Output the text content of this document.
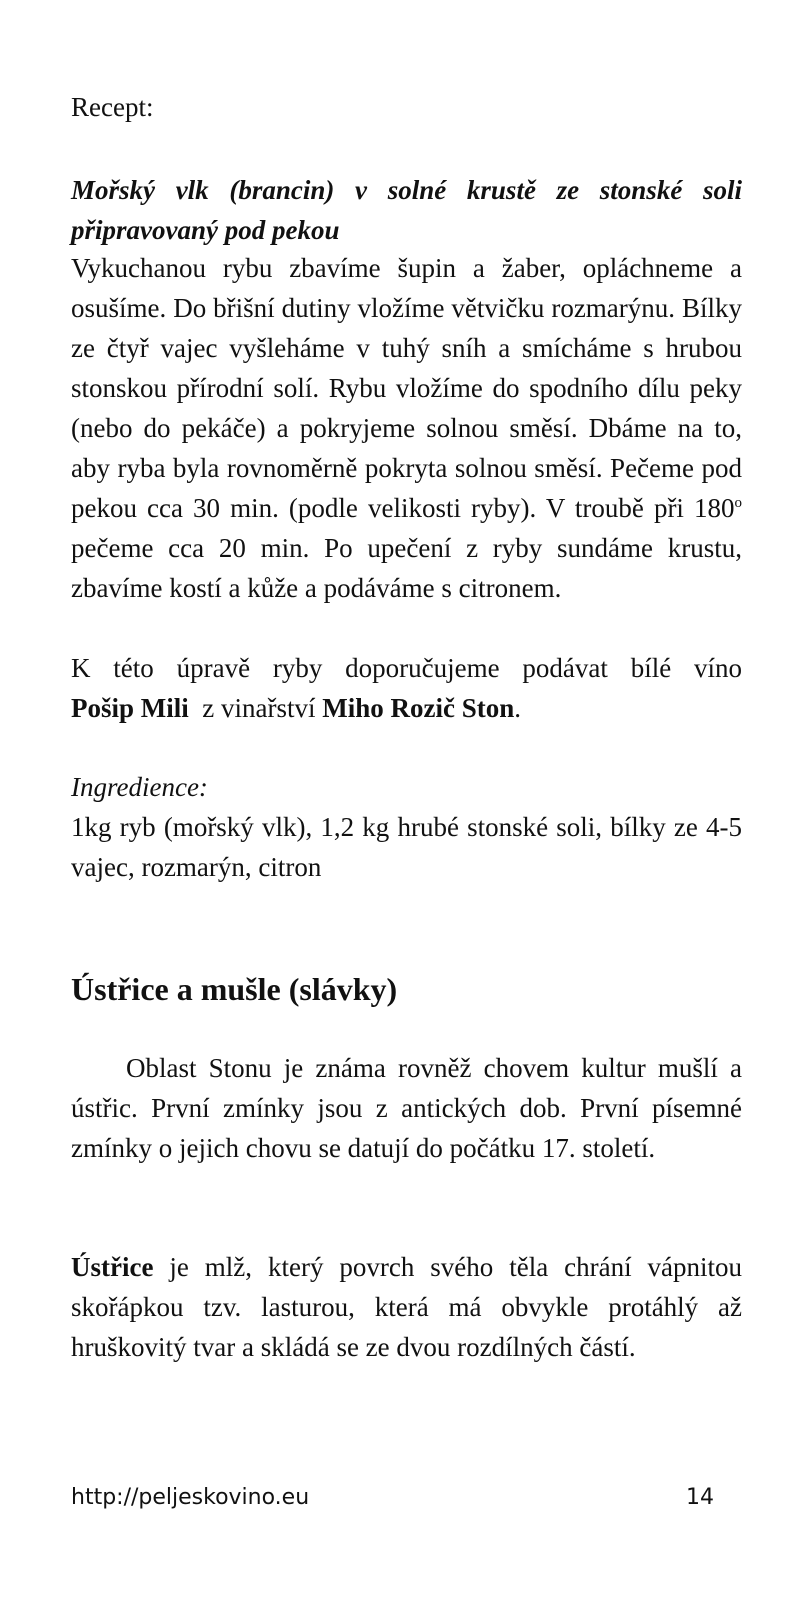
Recept:

Mořský vlk (brancin) v solné krustě ze stonské soli připravovaný pod pekou

Vykuchanou rybu zbavíme šupin a žaber, opláchneme a osušíme. Do břišní dutiny vložíme větvičku rozmarýnu. Bílky ze čtyř vajec vyšleháme v tuhý sníh a smícháme s hrubou stonskou přírodní solí. Rybu vložíme do spodního dílu peky (nebo do pekáče) a pokryjeme solnou směsí. Dbáme na to, aby ryba byla rovnoměrně pokryta solnou směsí. Pečeme pod pekou cca 30 min. (podle velikosti ryby). V troubě při 180$^o$ pečeme cca 20 min. Po upečení z ryby sundáme krustu, zbavíme kostí a kůže a podáváme s citronem.

K této úpravě ryby doporučujeme podávat bílé víno
Pošip Mili  z vinařství Miho Rozič Ston.

Ingredience:

1kg ryb (mořský vlk), 1,2 kg hrubé stonské soli, bílky ze 4-5 vajec, rozmarýn, citron

Ústřice a mušle (slávky)

Oblast Stonu je známa rovněž chovem kultur mušlí a ústřic. První zmínky jsou z antických dob. První písemné zmínky o jejich chovu se datují do počátku 17. století.

Ústřice je mlž, který povrch svého těla chrání vápnitou skořápkou tzv. lasturou, která má obvykle protáhlý až hruškovitý tvar a skládá se ze dvou rozdílných částí.

http://peljeskovino.eu	14
